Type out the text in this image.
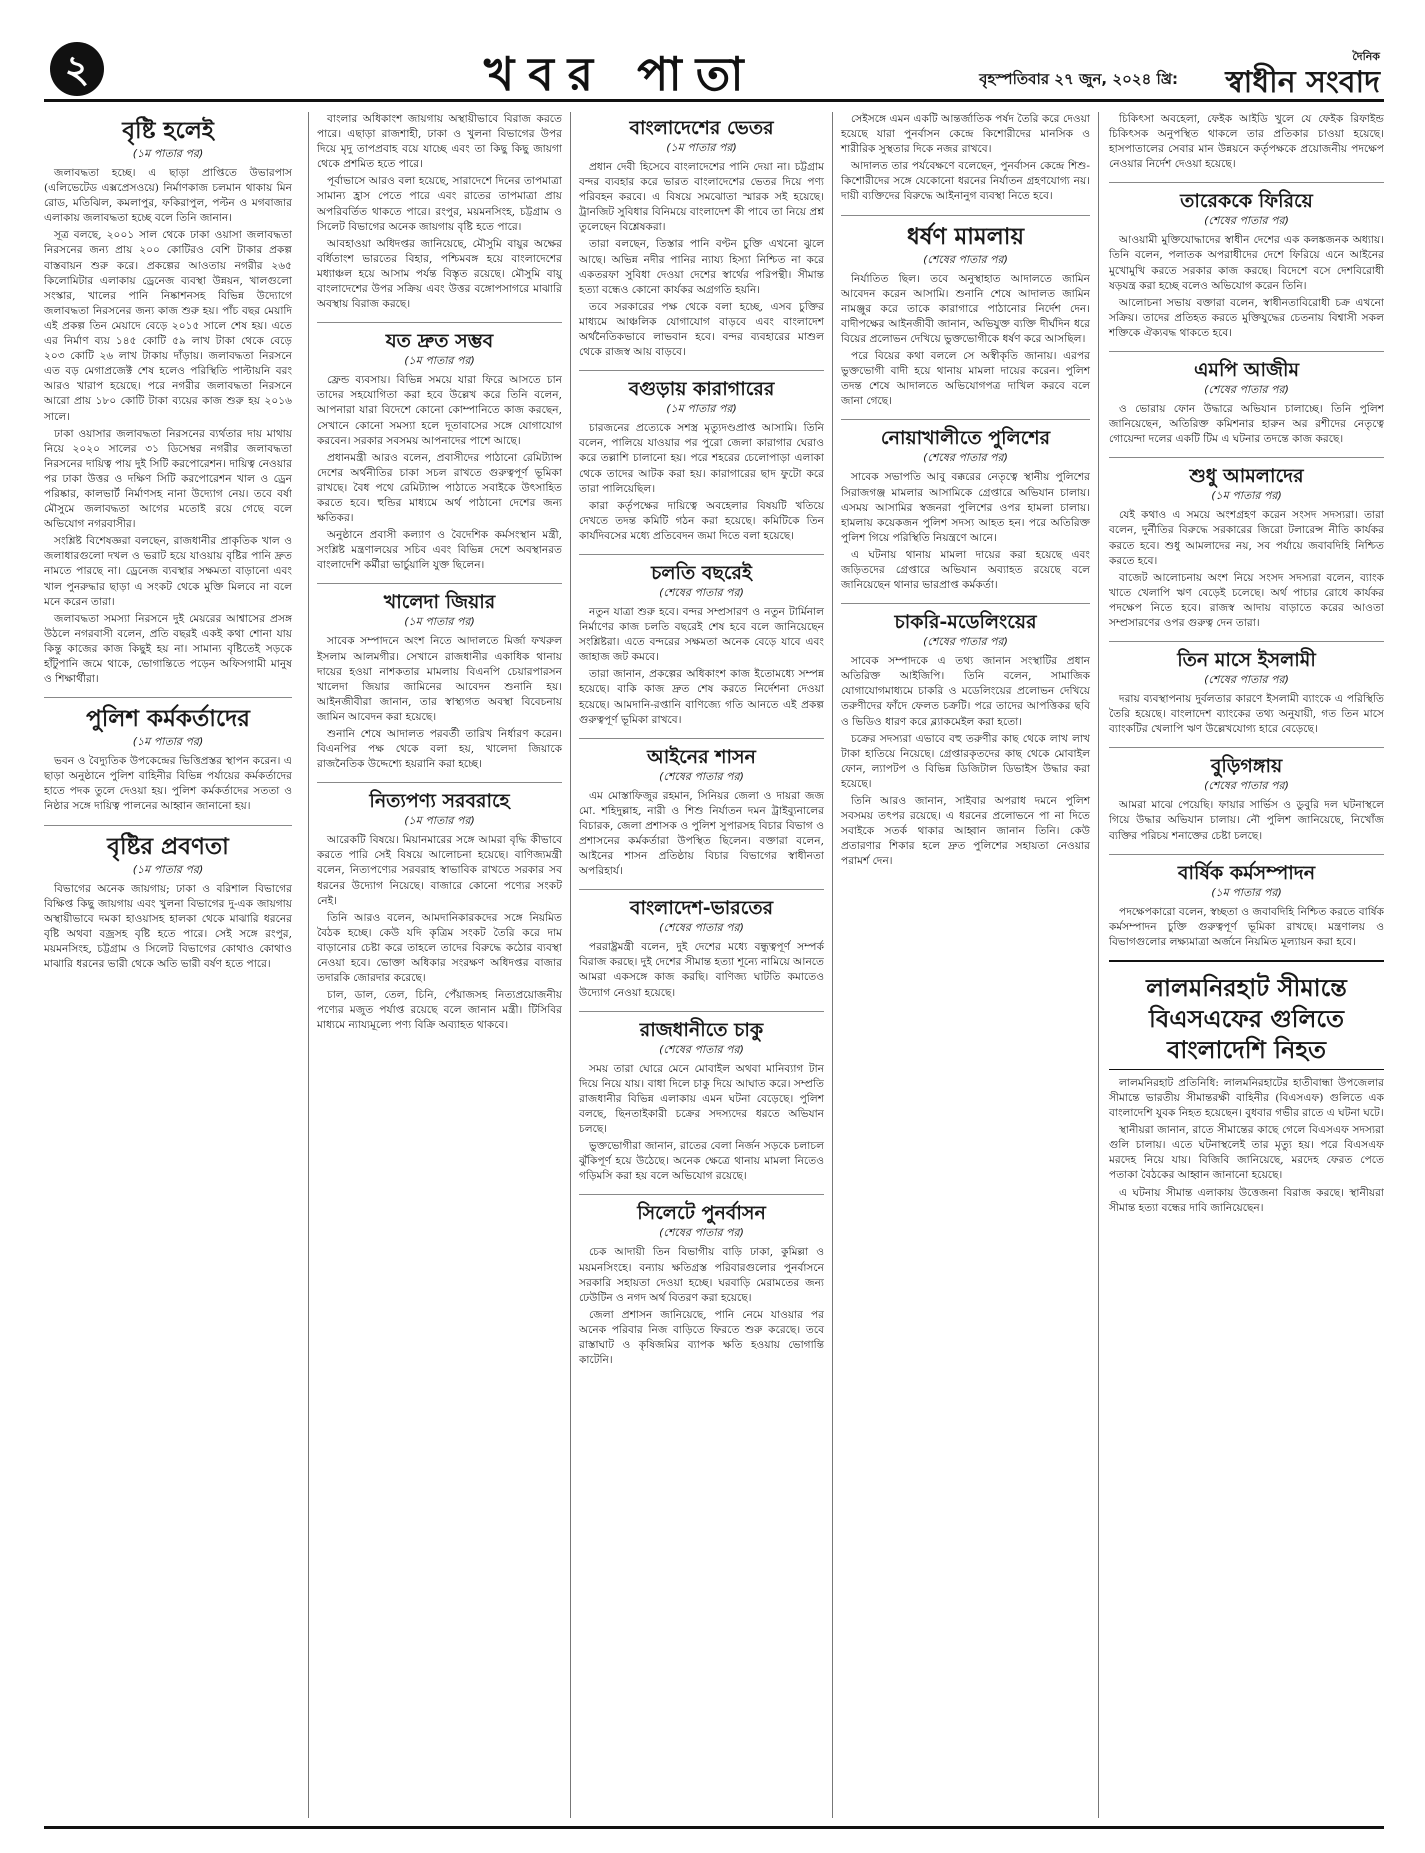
২	খবর পাতা	বৃহস্পতিবার ২৭ জুন, ২০২৪ খ্রি:
দৈনিক
স্বাধীন সংবাদ
বৃষ্টি হলেই
(১ম পাতার পর)

জলাবদ্ধতা হচ্ছে। এ ছাড়া প্রাপ্তিতে উভারপাস (এলিভেটেড এক্সপ্রেসওয়ে) নির্মাণকাজ চলমান থাকায় মিন রোড, মতিঝিল, কমলাপুর, ফকিরাপুল, পল্টন ও মগবাজার এলাকায় জলাবদ্ধতা হচ্ছে বলে তিনি জানান।

সূত্র বলছে, ২০০১ সাল থেকে ঢাকা ওয়াসা জলাবদ্ধতা নিরসনের জন্য প্রায় ২০০ কোটিরও বেশি টাকার প্রকল্প বাস্তবায়ন শুরু করে। প্রকল্পের আওতায় নগরীর ২৬৫ কিলোমিটার এলাকায় ড্রেনেজ ব্যবস্থা উন্নয়ন, খালগুলো সংস্কার, খালের পানি নিষ্কাশনসহ বিভিন্ন উদ্যোগে জলাবদ্ধতা নিরসনের জন্য কাজ শুরু হয়। পাঁচ বছর মেয়াদি এই প্রকল্প তিন মেয়াদে বেড়ে ২০১৫ সালে শেষ হয়। এতে এর নির্মাণ ব্যয় ১৪৫ কোটি ৫৯ লাখ টাকা থেকে বেড়ে ২০৩ কোটি ২৬ লাখ টাকায় দাঁড়ায়। জলাবদ্ধতা নিরসনে এত বড় মেগাপ্রজেক্ট শেষ হলেও পরিস্থিতি পাল্টায়নি বরং আরও খারাপ হয়েছে। পরে নগরীর জলাবদ্ধতা নিরসনে আরো প্রায় ১৮০ কোটি টাকা ব্যয়ের কাজ শুরু হয় ২০১৬ সালে।

ঢাকা ওয়াসার জলাবদ্ধতা নিরসনের ব্যর্থতার দায় মাথায় নিয়ে ২০২০ সালের ৩১ ডিসেম্বর নগরীর জলাবদ্ধতা নিরসনের দায়িত্ব পায় দুই সিটি করপোরেশন। দায়িত্ব নেওয়ার পর ঢাকা উত্তর ও দক্ষিণ সিটি করপোরেশন খাল ও ড্রেন পরিষ্কার, কালভার্ট নির্মাণসহ নানা উদ্যোগ নেয়। তবে বর্ষা মৌসুমে জলাবদ্ধতা আগের মতোই রয়ে গেছে বলে অভিযোগ নগরবাসীর।

সংশ্লিষ্ট বিশেষজ্ঞরা বলছেন, রাজধানীর প্রাকৃতিক খাল ও জলাধারগুলো দখল ও ভরাট হয়ে যাওয়ায় বৃষ্টির পানি দ্রুত নামতে পারছে না। ড্রেনেজ ব্যবস্থার সক্ষমতা বাড়ানো এবং খাল পুনরুদ্ধার ছাড়া এ সংকট থেকে মুক্তি মিলবে না বলে মনে করেন তারা।

জলাবদ্ধতা সমস্যা নিরসনে দুই মেয়রের আশ্বাসের প্রসঙ্গ উঠলে নগরবাসী বলেন, প্রতি বছরই একই কথা শোনা যায় কিন্তু কাজের কাজ কিছুই হয় না। সামান্য বৃষ্টিতেই সড়কে হাঁটুপানি জমে থাকে, ভোগান্তিতে পড়েন অফিসগামী মানুষ ও শিক্ষার্থীরা।

পুলিশ কর্মকর্তাদের
(১ম পাতার পর)

ভবন ও বৈদ্যুতিক উপকেন্দ্রের ভিত্তিপ্রস্তর স্থাপন করেন। এ ছাড়া অনুষ্ঠানে পুলিশ বাহিনীর বিভিন্ন পর্যায়ের কর্মকর্তাদের হাতে পদক তুলে দেওয়া হয়। পুলিশ কর্মকর্তাদের সততা ও নিষ্ঠার সঙ্গে দায়িত্ব পালনের আহ্বান জানানো হয়।

বৃষ্টির প্রবণতা
(১ম পাতার পর)

বিভাগের অনেক জায়গায়; ঢাকা ও বরিশাল বিভাগের বিক্ষিপ্ত কিছু জায়গায় এবং খুলনা বিভাগের দু-এক জায়গায় অস্থায়ীভাবে দমকা হাওয়াসহ হালকা থেকে মাঝারি ধরনের বৃষ্টি অথবা বজ্রসহ বৃষ্টি হতে পারে। সেই সঙ্গে রংপুর, ময়মনসিংহ, চট্টগ্রাম ও সিলেট বিভাগের কোথাও কোথাও মাঝারি ধরনের ভারী থেকে অতি ভারী বর্ষণ হতে পারে।

বাংলার অধিকাংশ জায়গায় অস্থায়ীভাবে বিরাজ করতে পারে। এছাড়া রাজশাহী, ঢাকা ও খুলনা বিভাগের উপর দিয়ে মৃদু তাপপ্রবাহ বয়ে যাচ্ছে এবং তা কিছু কিছু জায়গা থেকে প্রশমিত হতে পারে।

পূর্বাভাসে আরও বলা হয়েছে, সারাদেশে দিনের তাপমাত্রা সামান্য হ্রাস পেতে পারে এবং রাতের তাপমাত্রা প্রায় অপরিবর্তিত থাকতে পারে। রংপুর, ময়মনসিংহ, চট্টগ্রাম ও সিলেট বিভাগের অনেক জায়গায় বৃষ্টি হতে পারে।

আবহাওয়া অধিদপ্তর জানিয়েছে, মৌসুমি বায়ুর অক্ষের বর্ধিতাংশ ভারতের বিহার, পশ্চিমবঙ্গ হয়ে বাংলাদেশের মধ্যাঞ্চল হয়ে আসাম পর্যন্ত বিস্তৃত রয়েছে। মৌসুমি বায়ু বাংলাদেশের উপর সক্রিয় এবং উত্তর বঙ্গোপসাগরে মাঝারি অবস্থায় বিরাজ করছে।

যত দ্রুত সম্ভব
(১ম পাতার পর)

ফ্রেন্ড ব্যবসায়। বিভিন্ন সময়ে যারা ফিরে আসতে চান তাদের সহযোগিতা করা হবে উল্লেখ করে তিনি বলেন, আপনারা যারা বিদেশে কোনো কোম্পানিতে কাজ করছেন, সেখানে কোনো সমস্যা হলে দূতাবাসের সঙ্গে যোগাযোগ করবেন। সরকার সবসময় আপনাদের পাশে আছে।

প্রধানমন্ত্রী আরও বলেন, প্রবাসীদের পাঠানো রেমিট্যান্স দেশের অর্থনীতির চাকা সচল রাখতে গুরুত্বপূর্ণ ভূমিকা রাখছে। বৈধ পথে রেমিট্যান্স পাঠাতে সবাইকে উৎসাহিত করতে হবে। হুন্ডির মাধ্যমে অর্থ পাঠানো দেশের জন্য ক্ষতিকর।

অনুষ্ঠানে প্রবাসী কল্যাণ ও বৈদেশিক কর্মসংস্থান মন্ত্রী, সংশ্লিষ্ট মন্ত্রণালয়ের সচিব এবং বিভিন্ন দেশে অবস্থানরত বাংলাদেশি কর্মীরা ভার্চুয়ালি যুক্ত ছিলেন।

খালেদা জিয়ার
(১ম পাতার পর)

সাবেক সম্পাদনে অংশ নিতে আদালতে মির্জা ফখরুল ইসলাম আলমগীর। সেখানে রাজধানীর একাধিক থানায় দায়ের হওয়া নাশকতার মামলায় বিএনপি চেয়ারপারসন খালেদা জিয়ার জামিনের আবেদন শুনানি হয়। আইনজীবীরা জানান, তার স্বাস্থ্যগত অবস্থা বিবেচনায় জামিন আবেদন করা হয়েছে।

শুনানি শেষে আদালত পরবর্তী তারিখ নির্ধারণ করেন। বিএনপির পক্ষ থেকে বলা হয়, খালেদা জিয়াকে রাজনৈতিক উদ্দেশ্যে হয়রানি করা হচ্ছে।

নিত্যপণ্য সরবরাহে
(১ম পাতার পর)

আরেকটি বিষয়ে। মিয়ানমারের সঙ্গে আমরা বৃদ্ধি কীভাবে করতে পারি সেই বিষয়ে আলোচনা হয়েছে। বাণিজ্যমন্ত্রী বলেন, নিত্যপণ্যের সরবরাহ স্বাভাবিক রাখতে সরকার সব ধরনের উদ্যোগ নিয়েছে। বাজারে কোনো পণ্যের সংকট নেই।

তিনি আরও বলেন, আমদানিকারকদের সঙ্গে নিয়মিত বৈঠক হচ্ছে। কেউ যদি কৃত্রিম সংকট তৈরি করে দাম বাড়ানোর চেষ্টা করে তাহলে তাদের বিরুদ্ধে কঠোর ব্যবস্থা নেওয়া হবে। ভোক্তা অধিকার সংরক্ষণ অধিদপ্তর বাজার তদারকি জোরদার করেছে।

চাল, ডাল, তেল, চিনি, পেঁয়াজসহ নিত্যপ্রয়োজনীয় পণ্যের মজুত পর্যাপ্ত রয়েছে বলে জানান মন্ত্রী। টিসিবির মাধ্যমে ন্যায্যমূল্যে পণ্য বিক্রি অব্যাহত থাকবে।

বাংলাদেশের ভেতর
(১ম পাতার পর)

প্রধান দেবী হিসেবে বাংলাদেশের পানি দেয়া না। চট্টগ্রাম বন্দর ব্যবহার করে ভারত বাংলাদেশের ভেতর দিয়ে পণ্য পরিবহন করবে। এ বিষয়ে সমঝোতা স্মারক সই হয়েছে। ট্রানজিট সুবিধার বিনিময়ে বাংলাদেশ কী পাবে তা নিয়ে প্রশ্ন তুলেছেন বিশ্লেষকরা।

তারা বলছেন, তিস্তার পানি বণ্টন চুক্তি এখনো ঝুলে আছে। অভিন্ন নদীর পানির ন্যায্য হিস্যা নিশ্চিত না করে একতরফা সুবিধা দেওয়া দেশের স্বার্থের পরিপন্থী। সীমান্ত হত্যা বন্ধেও কোনো কার্যকর অগ্রগতি হয়নি।

তবে সরকারের পক্ষ থেকে বলা হচ্ছে, এসব চুক্তির মাধ্যমে আঞ্চলিক যোগাযোগ বাড়বে এবং বাংলাদেশ অর্থনৈতিকভাবে লাভবান হবে। বন্দর ব্যবহারের মাশুল থেকে রাজস্ব আয় বাড়বে।

বগুড়ায় কারাগারের
(১ম পাতার পর)

চারজনের প্রত্যেকে সশস্ত্র মৃত্যুদণ্ডপ্রাপ্ত আসামি। তিনি বলেন, পালিয়ে যাওয়ার পর পুরো জেলা কারাগার ঘেরাও করে তল্লাশি চালানো হয়। পরে শহরের চেলোপাড়া এলাকা থেকে তাদের আটক করা হয়। কারাগারের ছাদ ফুটো করে তারা পালিয়েছিল।

কারা কর্তৃপক্ষের দায়িত্বে অবহেলার বিষয়টি খতিয়ে দেখতে তদন্ত কমিটি গঠন করা হয়েছে। কমিটিকে তিন কার্যদিবসের মধ্যে প্রতিবেদন জমা দিতে বলা হয়েছে।

চলতি বছরেই
(শেষের পাতার পর)

নতুন যাত্রা শুরু হবে। বন্দর সম্প্রসারণ ও নতুন টার্মিনাল নির্মাণের কাজ চলতি বছরেই শেষ হবে বলে জানিয়েছেন সংশ্লিষ্টরা। এতে বন্দরের সক্ষমতা অনেক বেড়ে যাবে এবং জাহাজ জট কমবে।

তারা জানান, প্রকল্পের অধিকাংশ কাজ ইতোমধ্যে সম্পন্ন হয়েছে। বাকি কাজ দ্রুত শেষ করতে নির্দেশনা দেওয়া হয়েছে। আমদানি-রপ্তানি বাণিজ্যে গতি আনতে এই প্রকল্প গুরুত্বপূর্ণ ভূমিকা রাখবে।

আইনের শাসন
(শেষের পাতার পর)

এম মোস্তাফিজুর রহমান, সিনিয়র জেলা ও দায়রা জজ মো. শহিদুল্লাহ, নারী ও শিশু নির্যাতন দমন ট্রাইব্যুনালের বিচারক, জেলা প্রশাসক ও পুলিশ সুপারসহ বিচার বিভাগ ও প্রশাসনের কর্মকর্তারা উপস্থিত ছিলেন। বক্তারা বলেন, আইনের শাসন প্রতিষ্ঠায় বিচার বিভাগের স্বাধীনতা অপরিহার্য।

বাংলাদেশ-ভারতের
(শেষের পাতার পর)

পররাষ্ট্রমন্ত্রী বলেন, দুই দেশের মধ্যে বন্ধুত্বপূর্ণ সম্পর্ক বিরাজ করছে। দুই দেশের সীমান্ত হত্যা শূন্যে নামিয়ে আনতে আমরা একসঙ্গে কাজ করছি। বাণিজ্য ঘাটতি কমাতেও উদ্যোগ নেওয়া হয়েছে।

রাজধানীতে চাকু
(শেষের পাতার পর)

সময় তারা ঘোরে মেনে মোবাইল অথবা মানিব্যাগ টান দিয়ে নিয়ে যায়। বাধা দিলে চাকু দিয়ে আঘাত করে। সম্প্রতি রাজধানীর বিভিন্ন এলাকায় এমন ঘটনা বেড়েছে। পুলিশ বলছে, ছিনতাইকারী চক্রের সদস্যদের ধরতে অভিযান চলছে।

ভুক্তভোগীরা জানান, রাতের বেলা নির্জন সড়কে চলাচল ঝুঁকিপূর্ণ হয়ে উঠেছে। অনেক ক্ষেত্রে থানায় মামলা নিতেও গড়িমসি করা হয় বলে অভিযোগ রয়েছে।

সিলেটে পুনর্বাসন
(শেষের পাতার পর)

চেক আদায়ী তিন বিভাগীয় বাড়ি ঢাকা, কুমিল্লা ও ময়মনসিংহে। বন্যায় ক্ষতিগ্রস্ত পরিবারগুলোর পুনর্বাসনে সরকারি সহায়তা দেওয়া হচ্ছে। ঘরবাড়ি মেরামতের জন্য ঢেউটিন ও নগদ অর্থ বিতরণ করা হয়েছে।

জেলা প্রশাসন জানিয়েছে, পানি নেমে যাওয়ার পর অনেক পরিবার নিজ বাড়িতে ফিরতে শুরু করেছে। তবে রাস্তাঘাট ও কৃষিজমির ব্যাপক ক্ষতি হওয়ায় ভোগান্তি কাটেনি।

সেইসঙ্গে এমন একটি আন্তর্জাতিক পর্ষদ তৈরি করে দেওয়া হয়েছে যারা পুনর্বাসন কেন্দ্রে কিশোরীদের মানসিক ও শারীরিক সুস্থতার দিকে নজর রাখবে।

আদালত তার পর্যবেক্ষণে বলেছেন, পুনর্বাসন কেন্দ্রে শিশু-কিশোরীদের সঙ্গে যেকোনো ধরনের নির্যাতন গ্রহণযোগ্য নয়। দায়ী ব্যক্তিদের বিরুদ্ধে আইনানুগ ব্যবস্থা নিতে হবে।

ধর্ষণ মামলায়
(শেষের পাতার পর)

নির্যাতিত ছিল। তবে অনুস্থাহাত আদালতে জামিন আবেদন করেন আসামি। শুনানি শেষে আদালত জামিন নামঞ্জুর করে তাকে কারাগারে পাঠানোর নির্দেশ দেন। বাদীপক্ষের আইনজীবী জানান, অভিযুক্ত ব্যক্তি দীর্ঘদিন ধরে বিয়ের প্রলোভন দেখিয়ে ভুক্তভোগীকে ধর্ষণ করে আসছিল।

পরে বিয়ের কথা বললে সে অস্বীকৃতি জানায়। এরপর ভুক্তভোগী বাদী হয়ে থানায় মামলা দায়ের করেন। পুলিশ তদন্ত শেষে আদালতে অভিযোগপত্র দাখিল করবে বলে জানা গেছে।

নোয়াখালীতে পুলিশের
(শেষের পাতার পর)

সাবেক সভাপতি আবু বক্করের নেতৃত্বে স্থানীয় পুলিশের সিরাজগঞ্জ মামলার আসামিকে গ্রেপ্তারে অভিযান চালায়। এসময় আসামির স্বজনরা পুলিশের ওপর হামলা চালায়। হামলায় কয়েকজন পুলিশ সদস্য আহত হন। পরে অতিরিক্ত পুলিশ গিয়ে পরিস্থিতি নিয়ন্ত্রণে আনে।

এ ঘটনায় থানায় মামলা দায়ের করা হয়েছে এবং জড়িতদের গ্রেপ্তারে অভিযান অব্যাহত রয়েছে বলে জানিয়েছেন থানার ভারপ্রাপ্ত কর্মকর্তা।

চাকরি-মডেলিংয়ের
(শেষের পাতার পর)

সাবেক সম্পাদকে এ তথ্য জানান সংস্থাটির প্রধান অতিরিক্ত আইজিপি। তিনি বলেন, সামাজিক যোগাযোগমাধ্যমে চাকরি ও মডেলিংয়ের প্রলোভন দেখিয়ে তরুণীদের ফাঁদে ফেলত চক্রটি। পরে তাদের আপত্তিকর ছবি ও ভিডিও ধারণ করে ব্ল্যাকমেইল করা হতো।

চক্রের সদস্যরা এভাবে বহু তরুণীর কাছ থেকে লাখ লাখ টাকা হাতিয়ে নিয়েছে। গ্রেপ্তারকৃতদের কাছ থেকে মোবাইল ফোন, ল্যাপটপ ও বিভিন্ন ডিজিটাল ডিভাইস উদ্ধার করা হয়েছে।

তিনি আরও জানান, সাইবার অপরাধ দমনে পুলিশ সবসময় তৎপর রয়েছে। এ ধরনের প্রলোভনে পা না দিতে সবাইকে সতর্ক থাকার আহ্বান জানান তিনি। কেউ প্রতারণার শিকার হলে দ্রুত পুলিশের সহায়তা নেওয়ার পরামর্শ দেন।

চিকিৎসা অবহেলা, ফেইক আইডি খুলে যে ফেইক রিফাইন্ড চিকিৎসক অনুপস্থিত থাকলে তার প্রতিকার চাওয়া হয়েছে। হাসপাতালের সেবার মান উন্নয়নে কর্তৃপক্ষকে প্রয়োজনীয় পদক্ষেপ নেওয়ার নির্দেশ দেওয়া হয়েছে।

তারেককে ফিরিয়ে
(শেষের পাতার পর)

আওয়ামী মুক্তিযোদ্ধাদের স্বাধীন দেশের এক কলঙ্কজনক অধ্যায়। তিনি বলেন, পলাতক অপরাধীদের দেশে ফিরিয়ে এনে আইনের মুখোমুখি করতে সরকার কাজ করছে। বিদেশে বসে দেশবিরোধী ষড়যন্ত্র করা হচ্ছে বলেও অভিযোগ করেন তিনি।

আলোচনা সভায় বক্তারা বলেন, স্বাধীনতাবিরোধী চক্র এখনো সক্রিয়। তাদের প্রতিহত করতে মুক্তিযুদ্ধের চেতনায় বিশ্বাসী সকল শক্তিকে ঐক্যবদ্ধ থাকতে হবে।

এমপি আজীম
(শেষের পাতার পর)

ও ভোরায় ফোন উদ্ধারে অভিযান চালাচ্ছে। তিনি পুলিশ জানিয়েছেন, অতিরিক্ত কমিশনার হারুন অর রশীদের নেতৃত্বে গোয়েন্দা দলের একটি টিম এ ঘটনার তদন্তে কাজ করছে।

শুধু আমলাদের
(১ম পাতার পর)

যেই কথাও এ সময়ে অংশগ্রহণ করেন সংসদ সদস্যরা। তারা বলেন, দুর্নীতির বিরুদ্ধে সরকারের জিরো টলারেন্স নীতি কার্যকর করতে হবে। শুধু আমলাদের নয়, সব পর্যায়ে জবাবদিহি নিশ্চিত করতে হবে।

বাজেট আলোচনায় অংশ নিয়ে সংসদ সদস্যরা বলেন, ব্যাংক খাতে খেলাপি ঋণ বেড়েই চলেছে। অর্থ পাচার রোধে কার্যকর পদক্ষেপ নিতে হবে। রাজস্ব আদায় বাড়াতে করের আওতা সম্প্রসারণের ওপর গুরুত্ব দেন তারা।

তিন মাসে ইসলামী
(শেষের পাতার পর)

দরায় ব্যবস্থাপনায় দুর্বলতার কারণে ইসলামী ব্যাংকে এ পরিস্থিতি তৈরি হয়েছে। বাংলাদেশ ব্যাংকের তথ্য অনুযায়ী, গত তিন মাসে ব্যাংকটির খেলাপি ঋণ উল্লেখযোগ্য হারে বেড়েছে।

বুড়িগঙ্গায়
(শেষের পাতার পর)

আমরা মাঝে পেয়েছি। ফায়ার সার্ভিস ও ডুবুরি দল ঘটনাস্থলে গিয়ে উদ্ধার অভিযান চালায়। নৌ পুলিশ জানিয়েছে, নিখোঁজ ব্যক্তির পরিচয় শনাক্তের চেষ্টা চলছে।

বার্ষিক কর্মসম্পাদন
(১ম পাতার পর)

পদক্ষেপকারো বলেন, স্বচ্ছতা ও জবাবদিহি নিশ্চিত করতে বার্ষিক কর্মসম্পাদন চুক্তি গুরুত্বপূর্ণ ভূমিকা রাখছে। মন্ত্রণালয় ও বিভাগগুলোর লক্ষ্যমাত্রা অর্জনে নিয়মিত মূল্যায়ন করা হবে।

লালমনিরহাট সীমান্তে বিএসএফের গুলিতে বাংলাদেশি নিহত

লালমনিরহাট প্রতিনিধি: লালমনিরহাটের হাতীবান্ধা উপজেলার সীমান্তে ভারতীয় সীমান্তরক্ষী বাহিনীর (বিএসএফ) গুলিতে এক বাংলাদেশি যুবক নিহত হয়েছেন। বুধবার গভীর রাতে এ ঘটনা ঘটে।

স্থানীয়রা জানান, রাতে সীমান্তের কাছে গেলে বিএসএফ সদস্যরা গুলি চালায়। এতে ঘটনাস্থলেই তার মৃত্যু হয়। পরে বিএসএফ মরদেহ নিয়ে যায়। বিজিবি জানিয়েছে, মরদেহ ফেরত পেতে পতাকা বৈঠকের আহ্বান জানানো হয়েছে।

এ ঘটনায় সীমান্ত এলাকায় উত্তেজনা বিরাজ করছে। স্থানীয়রা সীমান্ত হত্যা বন্ধের দাবি জানিয়েছেন।
